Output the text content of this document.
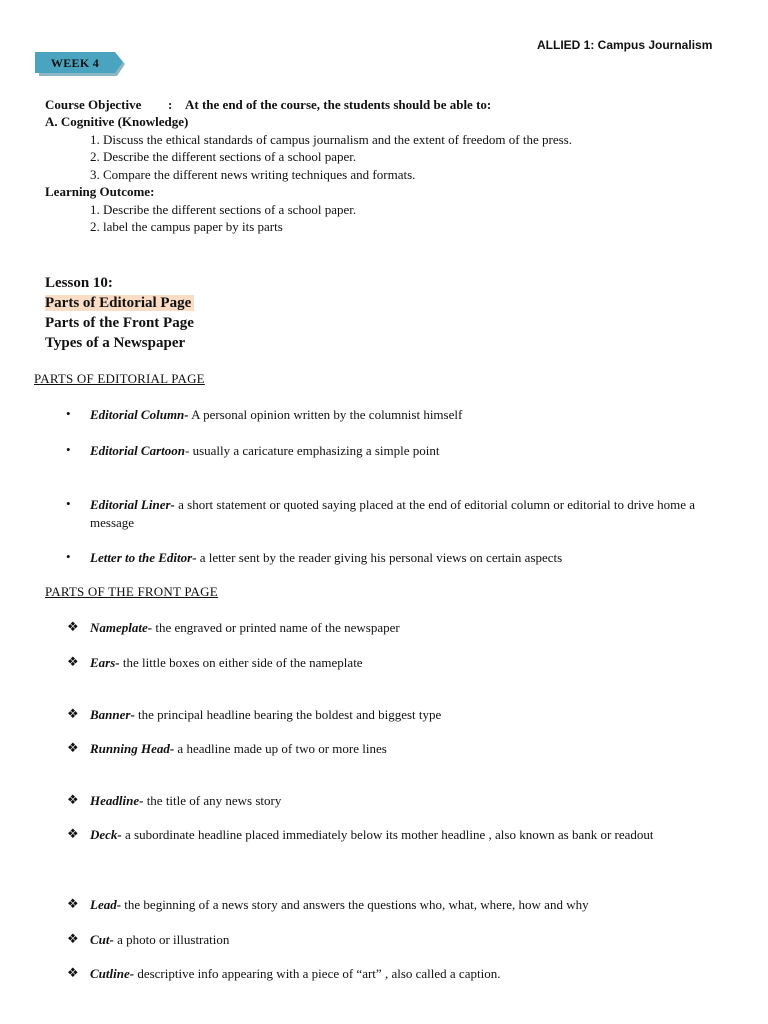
ALLIED 1: Campus Journalism
WEEK 4
Course Objective : At the end of the course, the students should be able to:
A. Cognitive (Knowledge)
1. Discuss the ethical standards of campus journalism and the extent of freedom of the press.
2. Describe the different sections of a school paper.
3. Compare the different news writing techniques and formats.
Learning Outcome:
1. Describe the different sections of a school paper.
2. label the campus paper by its parts
Lesson 10:
Parts of Editorial Page
Parts of the Front Page
Types of a Newspaper
PARTS OF EDITORIAL PAGE
• Editorial Column- A personal opinion written by the columnist himself
• Editorial Cartoon- usually a caricature emphasizing a simple point
• Editorial Liner- a short statement or quoted saying placed at the end of editorial column or editorial to drive home a message
• Letter to the Editor- a letter sent by the reader giving his personal views on certain aspects
PARTS OF THE FRONT PAGE
❖ Nameplate- the engraved or printed name of the newspaper
❖ Ears- the little boxes on either side of the nameplate
❖ Banner- the principal headline bearing the boldest and biggest type
❖ Running Head- a headline made up of two or more lines
❖ Headline- the title of any news story
❖ Deck- a subordinate headline placed immediately below its mother headline , also known as bank or readout
❖ Lead- the beginning of a news story and answers the questions who, what, where, how and why
❖ Cut- a photo or illustration
❖ Cutline- descriptive info appearing with a piece of “art” , also called a caption.
